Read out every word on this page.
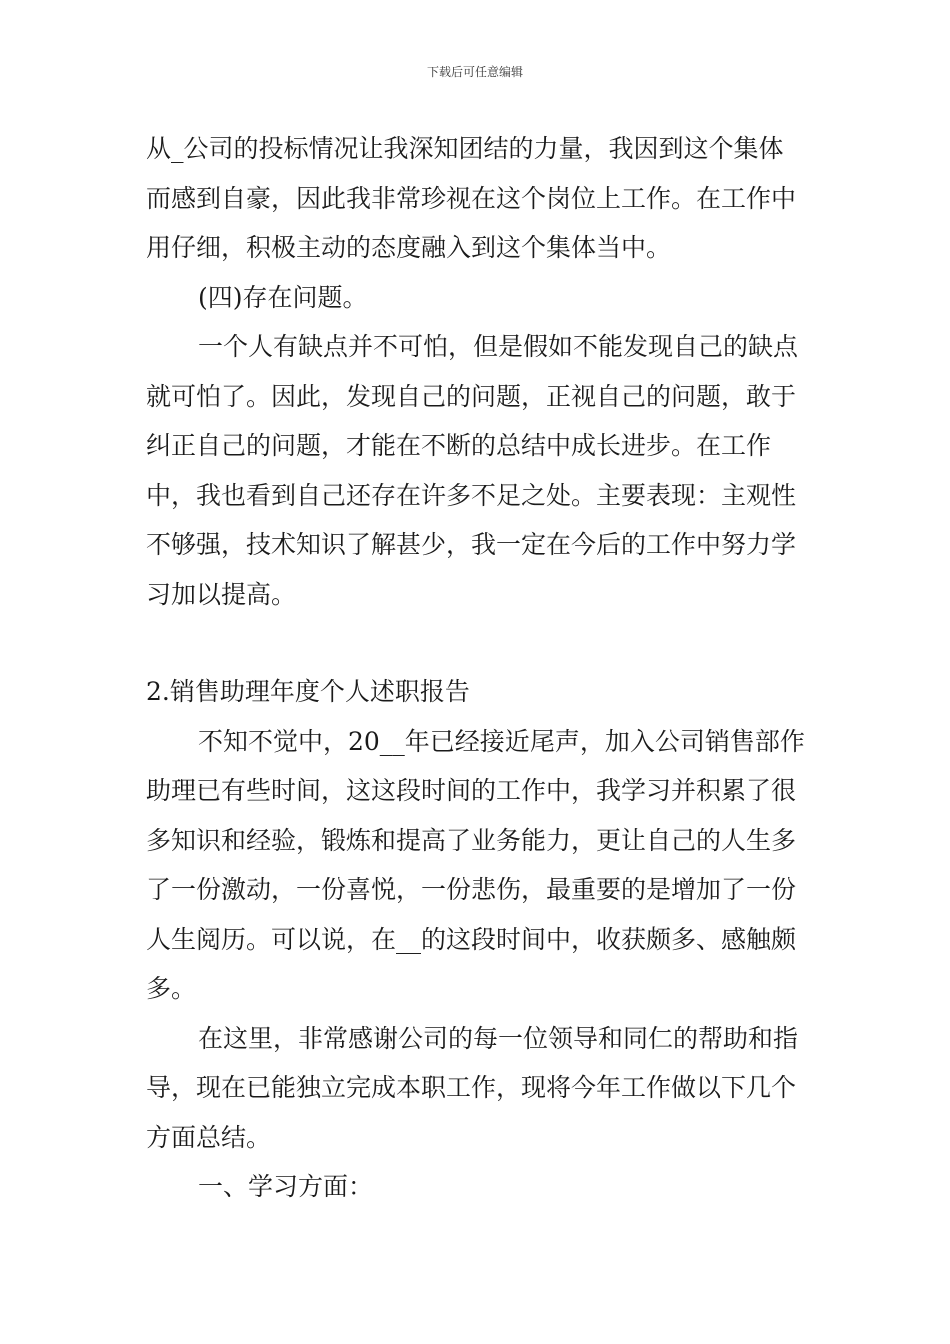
下载后可任意编辑

从_公司的投标情况让我深知团结的力量，我因到这个集体而感到自豪，因此我非常珍视在这个岗位上工作。在工作中用仔细，积极主动的态度融入到这个集体当中。

(四)存在问题。

一个人有缺点并不可怕，但是假如不能发现自己的缺点就可怕了。因此，发现自己的问题，正视自己的问题，敢于纠正自己的问题，才能在不断的总结中成长进步。在工作中，我也看到自己还存在许多不足之处。主要表现：主观性不够强，技术知识了解甚少，我一定在今后的工作中努力学习加以提高。

2.销售助理年度个人述职报告

不知不觉中，20__年已经接近尾声，加入公司销售部作助理已有些时间，这这段时间的工作中，我学习并积累了很多知识和经验，锻炼和提高了业务能力，更让自己的人生多了一份激动，一份喜悦，一份悲伤，最重要的是增加了一份人生阅历。可以说，在__的这段时间中，收获颇多、感触颇多。

在这里，非常感谢公司的每一位领导和同仁的帮助和指导，现在已能独立完成本职工作，现将今年工作做以下几个方面总结。

一、学习方面：
